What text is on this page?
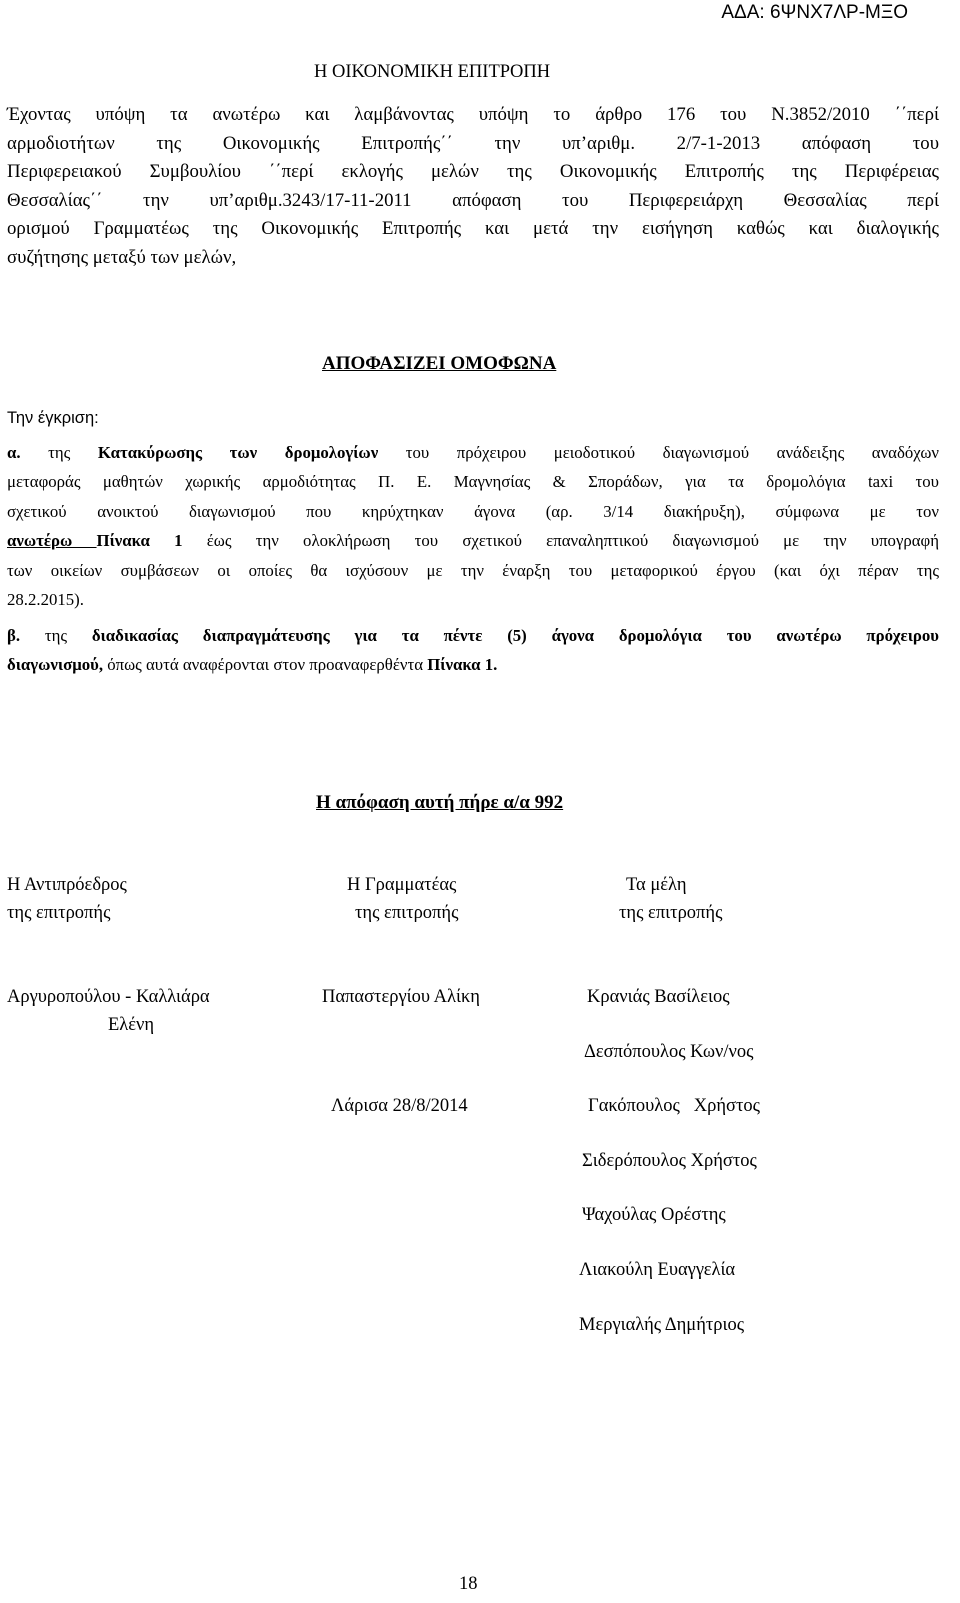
ΑΔΑ: 6ΨΝΧ7ΛΡ-ΜΞΟ
Η ΟΙΚΟΝΟΜΙΚΗ ΕΠΙΤΡΟΠΗ
Έχοντας υπόψη τα ανωτέρω και λαμβάνοντας υπόψη το άρθρο 176 του Ν.3852/2010 ΄΄περί
αρμοδιοτήτων της Οικονομικής Επιτροπής΄΄ την υπ’αριθμ. 2/7-1-2013 απόφαση του
Περιφερειακού Συμβουλίου ΄΄περί εκλογής μελών της Οικονομικής Επιτροπής της Περιφέρειας
Θεσσαλίας΄΄ την υπ’αριθμ.3243/17-11-2011 απόφαση του Περιφερειάρχη Θεσσαλίας περί
ορισμού Γραμματέως της Οικονομικής Επιτροπής και μετά την εισήγηση καθώς και διαλογικής
συζήτησης μεταξύ των μελών,
ΑΠΟΦΑΣΙΖΕΙ ΟΜΟΦΩΝΑ
Την έγκριση:
α. της Κατακύρωσης των δρομολογίων του πρόχειρου μειοδοτικού διαγωνισμού ανάδειξης αναδόχων
μεταφοράς μαθητών χωρικής αρμοδιότητας Π. Ε. Μαγνησίας & Σποράδων, για τα δρομολόγια taxi του
σχετικού ανοικτού διαγωνισμού που κηρύχτηκαν άγονα (αρ. 3/14 διακήρυξη), σύμφωνα με τον
ανωτέρω Πίνακα 1 έως την ολοκλήρωση του σχετικού επαναληπτικού διαγωνισμού με την υπογραφή
των οικείων συμβάσεων οι οποίες θα ισχύσουν με την έναρξη του μεταφορικού έργου (και όχι πέραν της
28.2.2015).
β. της διαδικασίας διαπραγμάτευσης για τα πέντε (5) άγονα δρομολόγια του ανωτέρω πρόχειρου
διαγωνισμού, όπως αυτά αναφέρονται στον προαναφερθέντα Πίνακα 1.
Η απόφαση αυτή πήρε α/α 992
Η Αντιπρόεδρος
της επιτροπής
Η Γραμματέας
της επιτροπής
Τα μέλη
της επιτροπής
Αργυροπούλου - Καλλιάρα
Ελένη
Παπαστεργίου Αλίκη
Λάρισα 28/8/2014
Κρανιάς Βασίλειος
Δεσπόπουλος Κων/νος
Γακόπουλος   Χρήστος
Σιδερόπουλος Χρήστος
Ψαχούλας Ορέστης
Λιακούλη Ευαγγελία
Μεργιαλής Δημήτριος
18
